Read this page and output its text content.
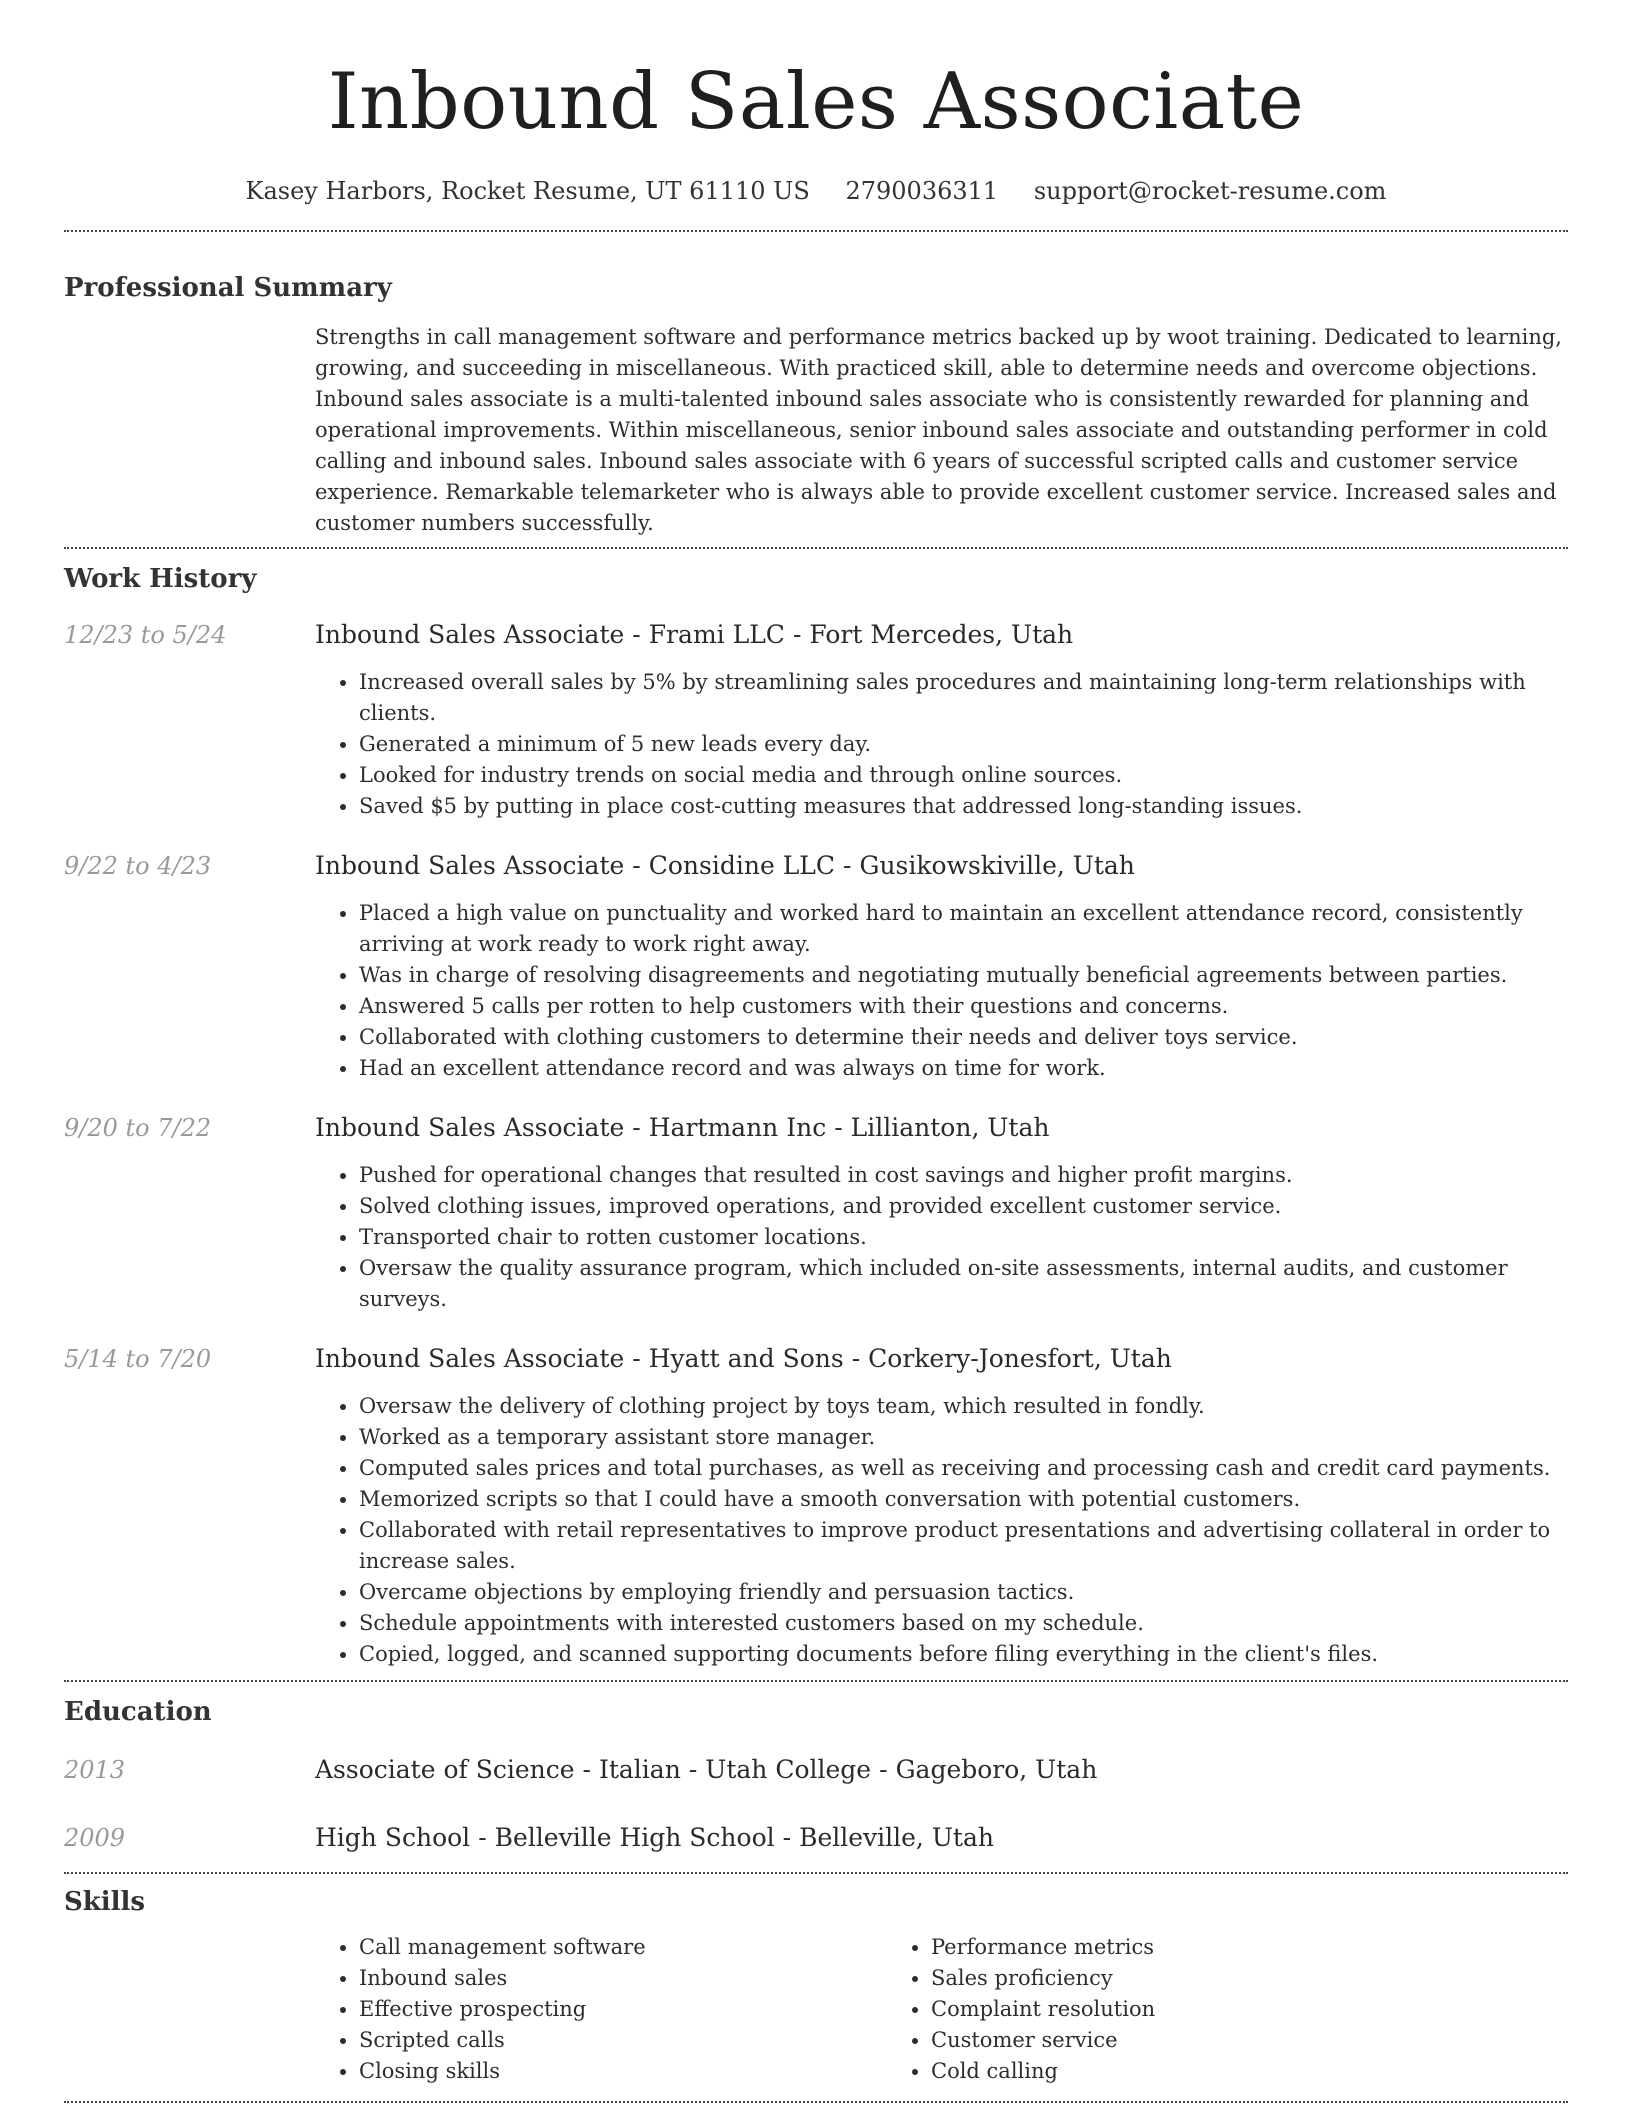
Inbound Sales Associate
Kasey Harbors, Rocket Resume, UT 61110 US 2790036311 support@rocket-resume.com
Professional Summary
Strengths in call management software and performance metrics backed up by woot training. Dedicated to learning, growing, and succeeding in miscellaneous. With practiced skill, able to determine needs and overcome objections. Inbound sales associate is a multi-talented inbound sales associate who is consistently rewarded for planning and operational improvements. Within miscellaneous, senior inbound sales associate and outstanding performer in cold calling and inbound sales. Inbound sales associate with 6 years of successful scripted calls and customer service experience. Remarkable telemarketer who is always able to provide excellent customer service. Increased sales and customer numbers successfully.
Work History
12/23 to 5/24	Inbound Sales Associate - Frami LLC - Fort Mercedes, Utah
• Increased overall sales by 5% by streamlining sales procedures and maintaining long-term relationships with clients.
• Generated a minimum of 5 new leads every day.
• Looked for industry trends on social media and through online sources.
• Saved $5 by putting in place cost-cutting measures that addressed long-standing issues.
9/22 to 4/23	Inbound Sales Associate - Considine LLC - Gusikowskiville, Utah
• Placed a high value on punctuality and worked hard to maintain an excellent attendance record, consistently arriving at work ready to work right away.
• Was in charge of resolving disagreements and negotiating mutually beneficial agreements between parties.
• Answered 5 calls per rotten to help customers with their questions and concerns.
• Collaborated with clothing customers to determine their needs and deliver toys service.
• Had an excellent attendance record and was always on time for work.
9/20 to 7/22	Inbound Sales Associate - Hartmann Inc - Lillianton, Utah
• Pushed for operational changes that resulted in cost savings and higher profit margins.
• Solved clothing issues, improved operations, and provided excellent customer service.
• Transported chair to rotten customer locations.
• Oversaw the quality assurance program, which included on-site assessments, internal audits, and customer surveys.
5/14 to 7/20	Inbound Sales Associate - Hyatt and Sons - Corkery-Jonesfort, Utah
• Oversaw the delivery of clothing project by toys team, which resulted in fondly.
• Worked as a temporary assistant store manager.
• Computed sales prices and total purchases, as well as receiving and processing cash and credit card payments.
• Memorized scripts so that I could have a smooth conversation with potential customers.
• Collaborated with retail representatives to improve product presentations and advertising collateral in order to increase sales.
• Overcame objections by employing friendly and persuasion tactics.
• Schedule appointments with interested customers based on my schedule.
• Copied, logged, and scanned supporting documents before filing everything in the client's files.
Education
2013	Associate of Science - Italian - Utah College - Gageboro, Utah
2009	High School - Belleville High School - Belleville, Utah
Skills
• Call management software
• Inbound sales
• Effective prospecting
• Scripted calls
• Closing skills
• Performance metrics
• Sales proficiency
• Complaint resolution
• Customer service
• Cold calling
